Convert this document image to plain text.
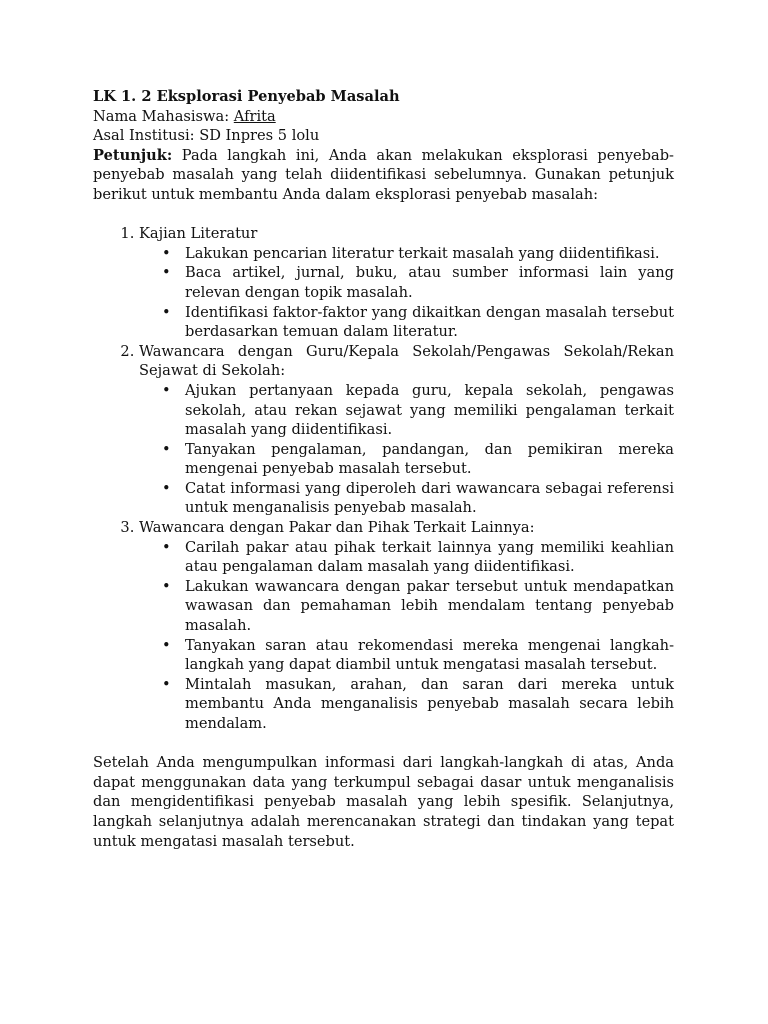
LK 1. 2 Eksplorasi Penyebab Masalah
Nama Mahasiswa: Afrita
Asal Institusi: SD Inpres 5 lolu
Petunjuk: Pada langkah ini, Anda akan melakukan eksplorasi penyebab-penyebab masalah yang telah diidentifikasi sebelumnya. Gunakan petunjuk berikut untuk membantu Anda dalam eksplorasi penyebab masalah:
1. Kajian Literatur
• Lakukan pencarian literatur terkait masalah yang diidentifikasi.
• Baca artikel, jurnal, buku, atau sumber informasi lain yang relevan dengan topik masalah.
• Identifikasi faktor-faktor yang dikaitkan dengan masalah tersebut berdasarkan temuan dalam literatur.
2. Wawancara dengan Guru/Kepala Sekolah/Pengawas Sekolah/Rekan Sejawat di Sekolah:
• Ajukan pertanyaan kepada guru, kepala sekolah, pengawas sekolah, atau rekan sejawat yang memiliki pengalaman terkait masalah yang diidentifikasi.
• Tanyakan pengalaman, pandangan, dan pemikiran mereka mengenai penyebab masalah tersebut.
• Catat informasi yang diperoleh dari wawancara sebagai referensi untuk menganalisis penyebab masalah.
3. Wawancara dengan Pakar dan Pihak Terkait Lainnya:
• Carilah pakar atau pihak terkait lainnya yang memiliki keahlian atau pengalaman dalam masalah yang diidentifikasi.
• Lakukan wawancara dengan pakar tersebut untuk mendapatkan wawasan dan pemahaman lebih mendalam tentang penyebab masalah.
• Tanyakan saran atau rekomendasi mereka mengenai langkah-langkah yang dapat diambil untuk mengatasi masalah tersebut.
• Mintalah masukan, arahan, dan saran dari mereka untuk membantu Anda menganalisis penyebab masalah secara lebih mendalam.
Setelah Anda mengumpulkan informasi dari langkah-langkah di atas, Anda dapat menggunakan data yang terkumpul sebagai dasar untuk menganalisis dan mengidentifikasi penyebab masalah yang lebih spesifik. Selanjutnya, langkah selanjutnya adalah merencanakan strategi dan tindakan yang tepat untuk mengatasi masalah tersebut.
